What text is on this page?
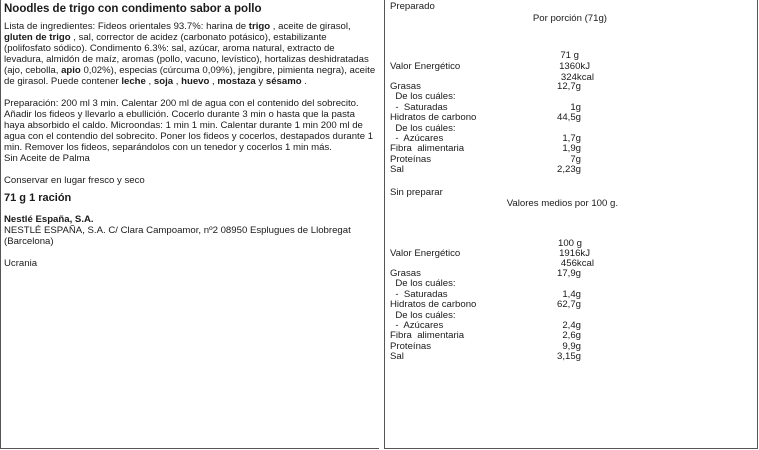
Noodles de trigo con condimento sabor a pollo

Lista de ingredientes: Fideos orientales 93.7%: harina de trigo , aceite de girasol, gluten de trigo , sal, corrector de acidez (carbonato potásico), estabilizante (polifosfato sódico). Condimento 6.3%: sal, azúcar, aroma natural, extracto de levadura, almidón de maíz, aromas (pollo, vacuno, levístico), hortalizas deshidratadas (ajo, cebolla, apio 0,02%), especias (cúrcuma 0,09%), jengibre, pimienta negra), aceite de girasol. Puede contener leche , soja , huevo , mostaza y sésamo .

Preparación: 200 ml 3 min. Calentar 200 ml de agua con el contenido del sobrecito. Añadir los fideos y llevarlo a ebullición. Cocerlo durante 3 min o hasta que la pasta haya absorbido el caldo. Microondas: 1 min 1 min. Calentar durante 1 min 200 ml de agua con el contendio del sobrecito. Poner los fideos y cocerlos, destapados durante 1 min. Remover los fideos, separándolos con un tenedor y cocerlos 1 min más.

Sin Aceite de Palma

Conservar en lugar fresco y seco

71 g 1 ración
Nestlé España, S.A.

NESTLÉ ESPAÑA, S.A. C/ Clara Campoamor, nº2 08950 Esplugues de Llobregat (Barcelona)

Ucrania

Preparado
Por porción (71g)
71 g
Valor Energético	1360kJ
324kcal
Grasas	12,7g
De los cuáles:
-  Saturadas	1g
Hidratos de carbono	44,5g
De los cuáles:
-  Azúcares	1,7g
Fibra  alimentaria	1,9g
Proteínas	7g
Sal	2,23g
Sin preparar
Valores medios por 100 g.
100 g
Valor Energético	1916kJ
456kcal
Grasas	17,9g
De los cuáles:
-  Saturadas	1,4g
Hidratos de carbono	62,7g
De los cuáles:
-  Azúcares	2,4g
Fibra  alimentaria	2,6g
Proteínas	9,9g
Sal	3,15g
